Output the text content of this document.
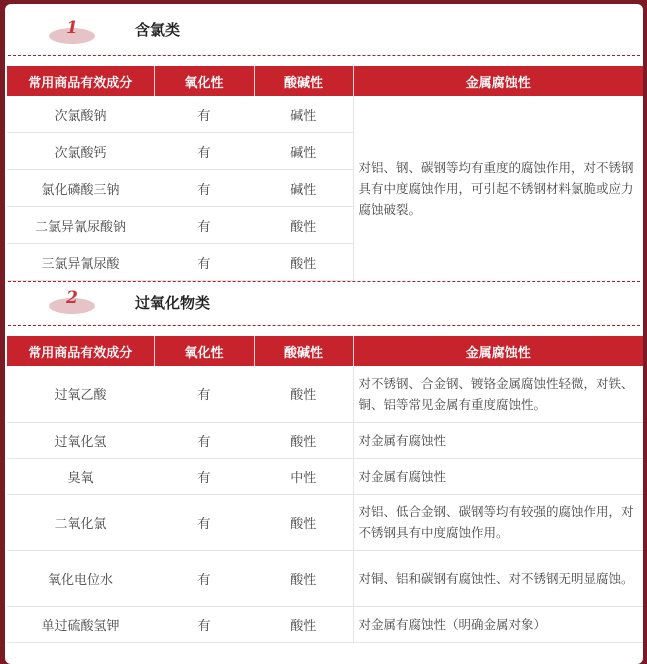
1	含氯类
常用商品有效成分	氧化性	酸碱性	金属腐蚀性
次氯酸钠	有	碱性	对铝、钢、碳钢等均有重度的腐蚀作用，对不锈钢具有中度腐蚀作用，可引起不锈钢材料氯脆或应力腐蚀破裂。
次氯酸钙	有	碱性	
氯化磷酸三钠	有	碱性	
二氯异氰尿酸钠	有	酸性	
三氯异氰尿酸	有	酸性	
2	过氧化物类
常用商品有效成分	氧化性	酸碱性	金属腐蚀性
过氧乙酸	有	酸性	对不锈钢、合金钢、镀铬金属腐蚀性轻微，对铁、铜、铝等常见金属有重度腐蚀性。
过氧化氢	有	酸性	对金属有腐蚀性
臭氧	有	中性	对金属有腐蚀性
二氧化氯	有	酸性	对铝、低合金钢、碳钢等均有较强的腐蚀作用，对不锈钢具有中度腐蚀作用。
氧化电位水	有	酸性	对铜、铝和碳钢有腐蚀性、对不锈钢无明显腐蚀。
单过硫酸氢钾	有	酸性	对金属有腐蚀性（明确金属对象）
